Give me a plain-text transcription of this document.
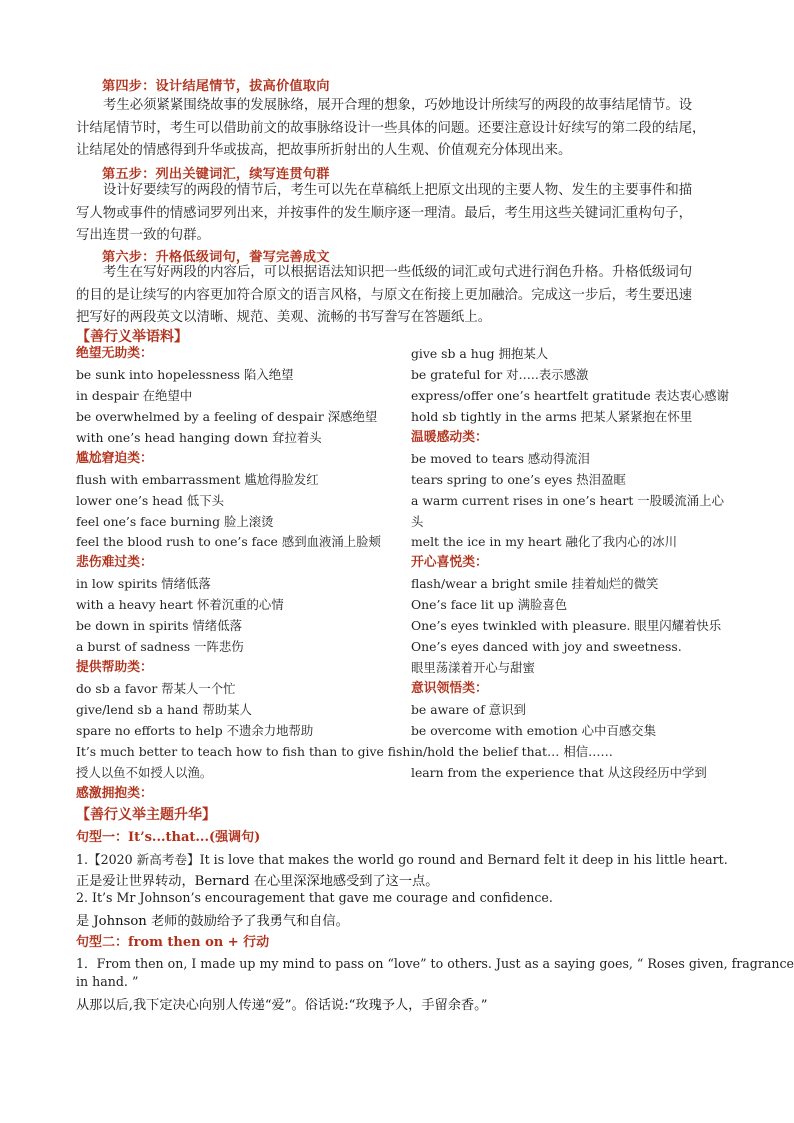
第四步：设计结尾情节，拔高价值取向
考生必须紧紧围绕故事的发展脉络，展开合理的想象，巧妙地设计所续写的两段的故事结尾情节。设
计结尾情节时，考生可以借助前文的故事脉络设计一些具体的问题。还要注意设计好续写的第二段的结尾，
让结尾处的情感得到升华或拔高，把故事所折射出的人生观、价值观充分体现出来。
第五步：列出关键词汇，续写连贯句群
设计好要续写的两段的情节后，考生可以先在草稿纸上把原文出现的主要人物、发生的主要事件和描
写人物或事件的情感词罗列出来，并按事件的发生顺序逐一理清。最后，考生用这些关键词汇重构句子，
写出连贯一致的句群。
第六步：升格低级词句，誊写完善成文
考生在写好两段的内容后，可以根据语法知识把一些低级的词汇或句式进行润色升格。升格低级词句
的目的是让续写的内容更加符合原文的语言风格，与原文在衔接上更加融洽。完成这一步后，考生要迅速
把写好的两段英文以清晰、规范、美观、流畅的书写誊写在答题纸上。
【善行义举语料】
绝望无助类：
be sunk into hopelessness 陷入绝望
in despair 在绝望中
be overwhelmed by a feeling of despair 深感绝望
with one’s head hanging down 耷拉着头
尴尬窘迫类：
flush with embarrassment 尴尬得脸发红
lower one’s head 低下头
feel one’s face burning 脸上滚烫
feel the blood rush to one’s face 感到血液涌上脸颊
悲伤难过类：
in low spirits 情绪低落
with a heavy heart 怀着沉重的心情
be down in spirits 情绪低落
a burst of sadness 一阵悲伤
提供帮助类：
do sb a favor 帮某人一个忙
give/lend sb a hand 帮助某人
spare no efforts to help 不遗余力地帮助
It’s much better to teach how to fish than to give fish.
授人以鱼不如授人以渔。
感激拥抱类：
give sb a hug 拥抱某人
be grateful for 对…..表示感激
express/offer one’s heartfelt gratitude 表达衷心感谢
hold sb tightly in the arms 把某人紧紧抱在怀里
温暖感动类：
be moved to tears 感动得流泪
tears spring to one’s eyes 热泪盈眶
a warm current rises in one’s heart 一股暖流涌上心
头
melt the ice in my heart 融化了我内心的冰川
开心喜悦类：
flash/wear a bright smile 挂着灿烂的微笑
One’s face lit up 满脸喜色
One’s eyes twinkled with pleasure. 眼里闪耀着快乐
One’s eyes danced with joy and sweetness.
眼里荡漾着开心与甜蜜
意识领悟类：
be aware of 意识到
be overcome with emotion 心中百感交集
in/hold the belief that… 相信……
learn from the experience that 从这段经历中学到
【善行义举主题升华】
句型一：It’s...that...(强调句)
1.【2020 新高考卷】It is love that makes the world go round and Bernard felt it deep in his little heart.
正是爱让世界转动，Bernard 在心里深深地感受到了这一点。
2. It’s Mr Johnson’s encouragement that gave me courage and confidence.
是 Johnson 老师的鼓励给予了我勇气和自信。
句型二：from then on + 行动
1．From then on, I made up my mind to pass on “love” to others. Just as a saying goes, “ Roses given, fragrance
in hand. ”
从那以后,我下定决心向别人传递“爱”。俗话说:“玫瑰予人，手留余香。”
